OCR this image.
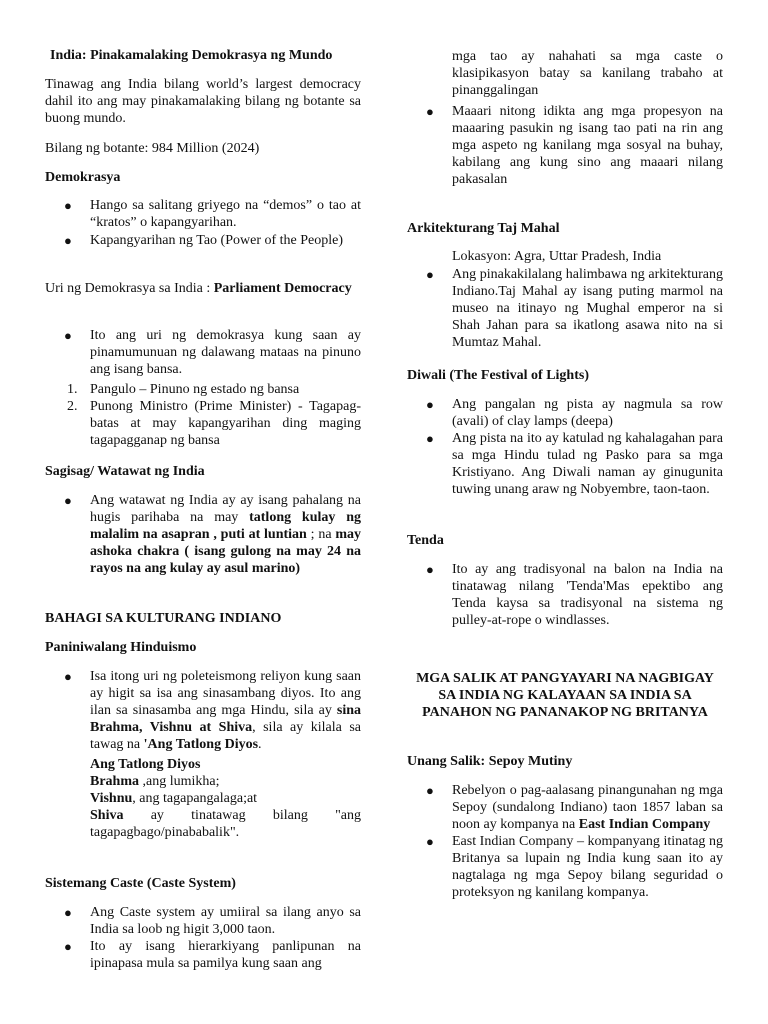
India: Pinakamalaking Demokrasya ng Mundo

Tinawag ang India bilang world’s largest democracy dahil ito ang may pinakamalaking bilang ng botante sa buong mundo.

Bilang ng botante: 984 Million (2024)

Demokrasya

● Hango sa salitang griyego na “demos” o tao at “kratos” o kapangyarihan.
● Kapangyarihan ng Tao (Power of the People)

Uri ng Demokrasya sa India : Parliament Democracy

● Ito ang uri ng demokrasya kung saan ay pinamumunuan ng dalawang mataas na pinuno ang isang bansa.
1. Pangulo – Pinuno ng estado ng bansa
2. Punong Ministro (Prime Minister) - Tagapag-batas at may kapangyarihan ding maging tagapagganap ng bansa

Sagisag/ Watawat ng India

● Ang watawat ng India ay ay isang pahalang na hugis parihaba na may tatlong kulay ng malalim na asapran , puti at luntian ; na may ashoka chakra ( isang gulong na may 24 na rayos na ang kulay ay asul marino)

BAHAGI SA KULTURANG INDIANO

Paniniwalang Hinduismo

● Isa itong uri ng poleteismong reliyon kung saan ay higit sa isa ang sinasambang diyos. Ito ang ilan sa sinasamba ang mga Hindu, sila ay sina Brahma, Vishnu at Shiva, sila ay kilala sa tawag na 'Ang Tatlong Diyos.

Ang Tatlong Diyos

Brahma ,ang lumikha;

Vishnu, ang tagapangalaga;at

Shiva ay tinatawag bilang "ang tagapagbago/pinababalik".

Sistemang Caste (Caste System)

● Ang Caste system ay umiiral sa ilang anyo sa India sa loob ng higit 3,000 taon.
● Ito ay isang hierarkiyang panlipunan na ipinapasa mula sa pamilya kung saan ang

mga tao ay nahahati sa mga caste o klasipikasyon batay sa kanilang trabaho at pinanggalingan

● Maaari nitong idikta ang mga propesyon na maaaring pasukin ng isang tao pati na rin ang mga aspeto ng kanilang mga sosyal na buhay, kabilang ang kung sino ang maaari nilang pakasalan

Arkitekturang Taj Mahal

Lokasyon: Agra, Uttar Pradesh, India

● Ang pinakakilalang halimbawa ng arkitekturang Indiano.Taj Mahal ay isang puting marmol na museo na itinayo ng Mughal emperor na si Shah Jahan para sa ikatlong asawa nito na si Mumtaz Mahal.

Diwali (The Festival of Lights)

● Ang pangalan ng pista ay nagmula sa row (avali) of clay lamps (deepa)
● Ang pista na ito ay katulad ng kahalagahan para sa mga Hindu tulad ng Pasko para sa mga Kristiyano. Ang Diwali naman ay ginugunita tuwing unang araw ng Nobyembre, taon-taon.

Tenda

● Ito ay ang tradisyonal na balon na India na tinatawag nilang 'Tenda'Mas epektibo ang Tenda kaysa sa tradisyonal na sistema ng pulley-at-rope o windlasses.

MGA SALIK AT PANGYAYARI NA NAGBIGAY SA INDIA NG KALAYAAN SA INDIA SA PANAHON NG PANANAKOP NG BRITANYA

Unang Salik: Sepoy Mutiny

● Rebelyon o pag-aalasang pinangunahan ng mga Sepoy (sundalong Indiano) taon 1857 laban sa noon ay kompanya na East Indian Company
● East Indian Company – kompanyang itinatag ng Britanya sa lupain ng India kung saan ito ay nagtalaga ng mga Sepoy bilang seguridad o proteksyon ng kanilang kompanya.
